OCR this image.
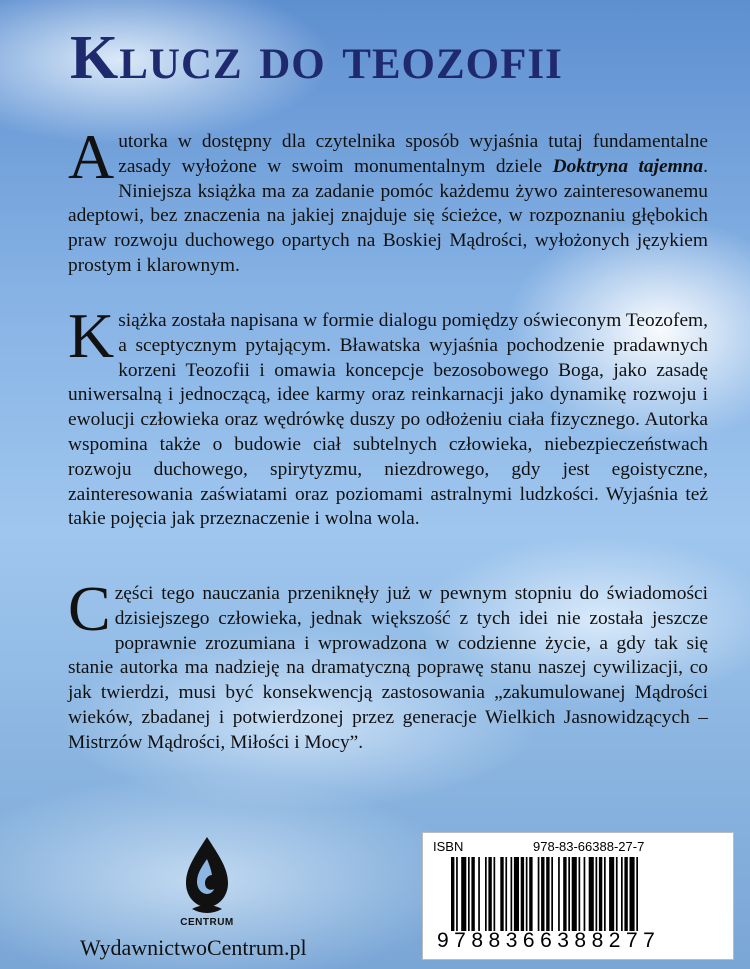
Klucz do teozofii

Autorka w dostępny dla czytelnika sposób wyjaśnia tutaj fundamentalne zasady wyłożone w swoim monumentalnym dziele Doktryna tajemna. Niniejsza książka ma za zadanie pomóc każdemu żywo zainteresowanemu adeptowi, bez znaczenia na jakiej znajduje się ścieżce, w rozpoznaniu głębokich praw rozwoju duchowego opartych na Boskiej Mądrości, wyłożonych językiem prostym i klarownym.

Książka została napisana w formie dialogu pomiędzy oświeconym Teozofem, a sceptycznym pytającym. Bławatska wyjaśnia pochodzenie pradawnych korzeni Teozofii i omawia koncepcje bezosobowego Boga, jako zasadę uniwersalną i jednoczącą, idee karmy oraz reinkarnacji jako dynamikę rozwoju i ewolucji człowieka oraz wędrówkę duszy po odłożeniu ciała fizycznego. Autorka wspomina także o budowie ciał subtelnych człowieka, niebezpieczeństwach rozwoju duchowego, spirytyzmu, niezdrowego, gdy jest egoistyczne, zainteresowania zaświatami oraz poziomami astralnymi ludzkości. Wyjaśnia też takie pojęcia jak przeznaczenie i wolna wola.

Części tego nauczania przeniknęły już w pewnym stopniu do świadomości dzisiejszego człowieka, jednak większość z tych idei nie została jeszcze poprawnie zrozumiana i wprowadzona w codzienne życie, a gdy tak się stanie autorka ma nadzieję na dramatyczną poprawę stanu naszej cywilizacji, co jak twierdzi, musi być konsekwencją zastosowania „zakumulowanej Mądrości wieków, zbadanej i potwierdzonej przez generacje Wielkich Jasnowidzących – Mistrzów Mądrości, Miłości i Mocy”.

CENTRUM
WydawnictwoCentrum.pl
ISBN	978-83-66388-27-7
9788366388277
